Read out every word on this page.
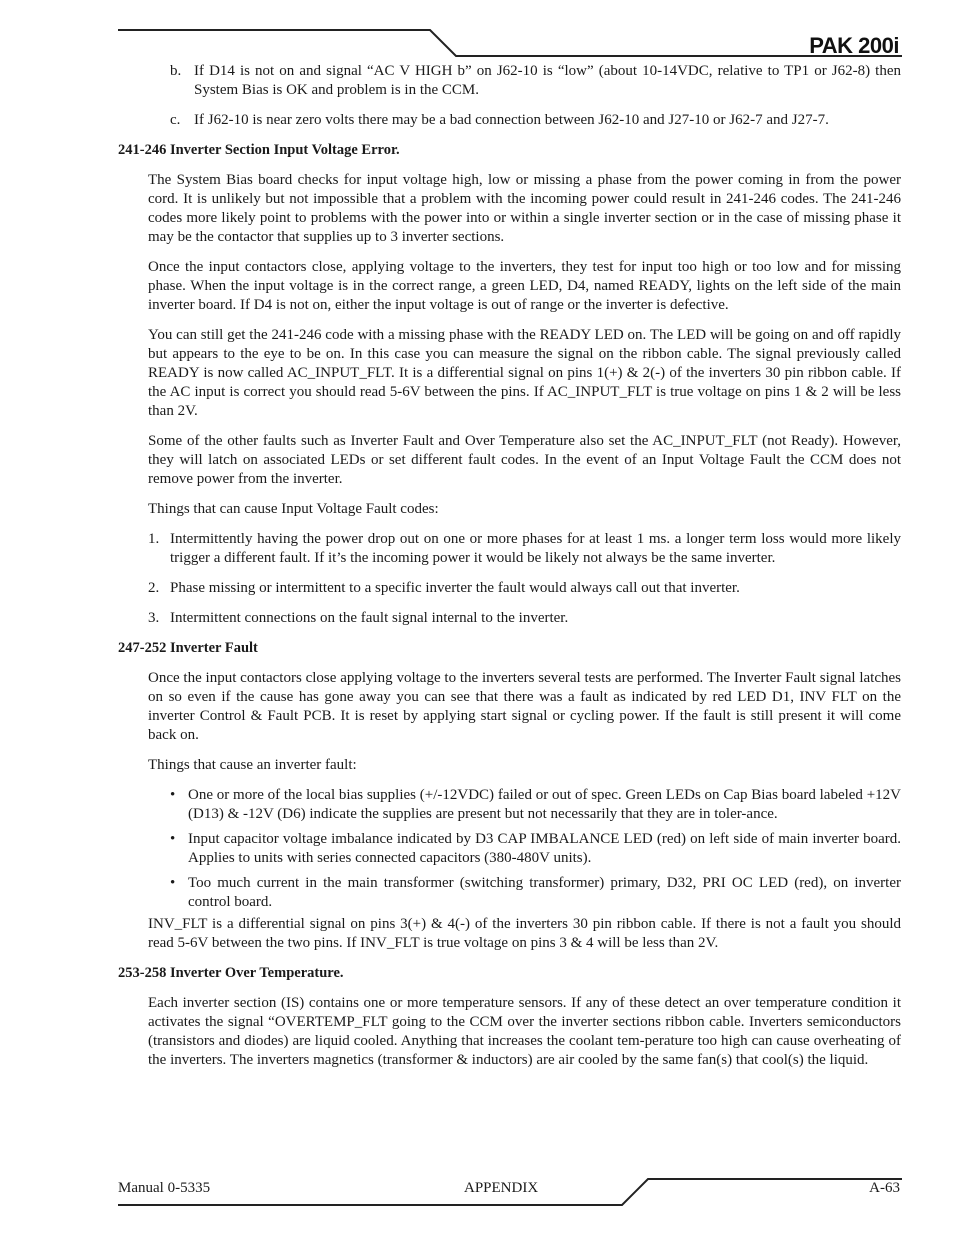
PAK 200i
b. If D14 is not on and signal “AC V HIGH b” on J62-10 is “low” (about 10-14VDC, relative to TP1 or J62-8) then System Bias is OK and problem is in the CCM.
c. If J62-10 is near zero volts there may be a bad connection between J62-10 and J27-10 or J62-7 and J27-7.
241-246 Inverter Section Input Voltage Error.

The System Bias board checks for input voltage high, low or missing a phase from the power coming in from the power cord. It is unlikely but not impossible that a problem with the incoming power could result in 241-246 codes. The 241-246 codes more likely point to problems with the power into or within a single inverter section or in the case of missing phase it may be the contactor that supplies up to 3 inverter sections.

Once the input contactors close, applying voltage to the inverters, they test for input too high or too low and for missing phase. When the input voltage is in the correct range, a green LED, D4, named READY, lights on the left side of the main inverter board. If D4 is not on, either the input voltage is out of range or the inverter is defective.

You can still get the 241-246 code with a missing phase with the READY LED on. The LED will be going on and off rapidly but appears to the eye to be on. In this case you can measure the signal on the ribbon cable. The signal previously called READY is now called AC_INPUT_FLT. It is a differential signal on pins 1(+) & 2(-) of the inverters 30 pin ribbon cable. If the AC input is correct you should read 5-6V between the pins. If AC_INPUT_FLT is true voltage on pins 1 & 2 will be less than 2V.

Some of the other faults such as Inverter Fault and Over Temperature also set the AC_INPUT_FLT (not Ready). However, they will latch on associated LEDs or set different fault codes. In the event of an Input Voltage Fault the CCM does not remove power from the inverter.

Things that can cause Input Voltage Fault codes:

1. Intermittently having the power drop out on one or more phases for at least 1 ms. a longer term loss would more likely trigger a different fault. If it’s the incoming power it would be likely not always be the same inverter.
2. Phase missing or intermittent to a specific inverter the fault would always call out that inverter.
3. Intermittent connections on the fault signal internal to the inverter.
247-252 Inverter Fault

Once the input contactors close applying voltage to the inverters several tests are performed. The Inverter Fault signal latches on so even if the cause has gone away you can see that there was a fault as indicated by red LED D1, INV FLT on the inverter Control & Fault PCB. It is reset by applying start signal or cycling power. If the fault is still present it will come back on.

Things that cause an inverter fault:

• One or more of the local bias supplies (+/-12VDC) failed or out of spec. Green LEDs on Cap Bias board labeled +12V (D13) & -12V (D6) indicate the supplies are present but not necessarily that they are in toler-ance.
• Input capacitor voltage imbalance indicated by D3 CAP IMBALANCE LED (red) on left side of main inverter board. Applies to units with series connected capacitors (380-480V units).
• Too much current in the main transformer (switching transformer) primary, D32, PRI OC LED (red), on inverter control board.

INV_FLT is a differential signal on pins 3(+) & 4(-) of the inverters 30 pin ribbon cable. If there is not a fault you should read 5-6V between the two pins. If INV_FLT is true voltage on pins 3 & 4 will be less than 2V.

253-258 Inverter Over Temperature.

Each inverter section (IS) contains one or more temperature sensors. If any of these detect an over temperature condition it activates the signal “OVERTEMP_FLT going to the CCM over the inverter sections ribbon cable. Inverters semiconductors (transistors and diodes) are liquid cooled. Anything that increases the coolant tem-perature too high can cause overheating of the inverters. The inverters magnetics (transformer & inductors) are air cooled by the same fan(s) that cool(s) the liquid.

Manual 0-5335	APPENDIX	A-63
